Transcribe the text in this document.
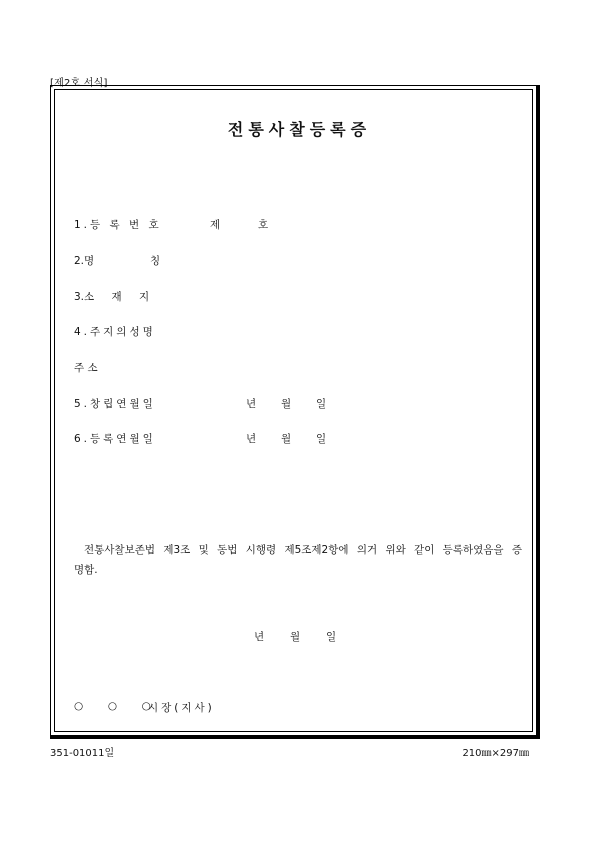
[제2호 서식]
전통사찰등록증
1.등 록 번 호	제	호
2.명	칭
3.소 재 지
4.주지의성명
주 소
5.창립연월일	년 월 일
6.등록연월일	년 월 일
전통사찰보존법 제3조 및 동법 시행령 제5조제2항에 의거 위와 같이 등록하였음을 증
명함.
년 월 일
○  ○  ○
시장(지사)
351-01011일	210㎜×297㎜
